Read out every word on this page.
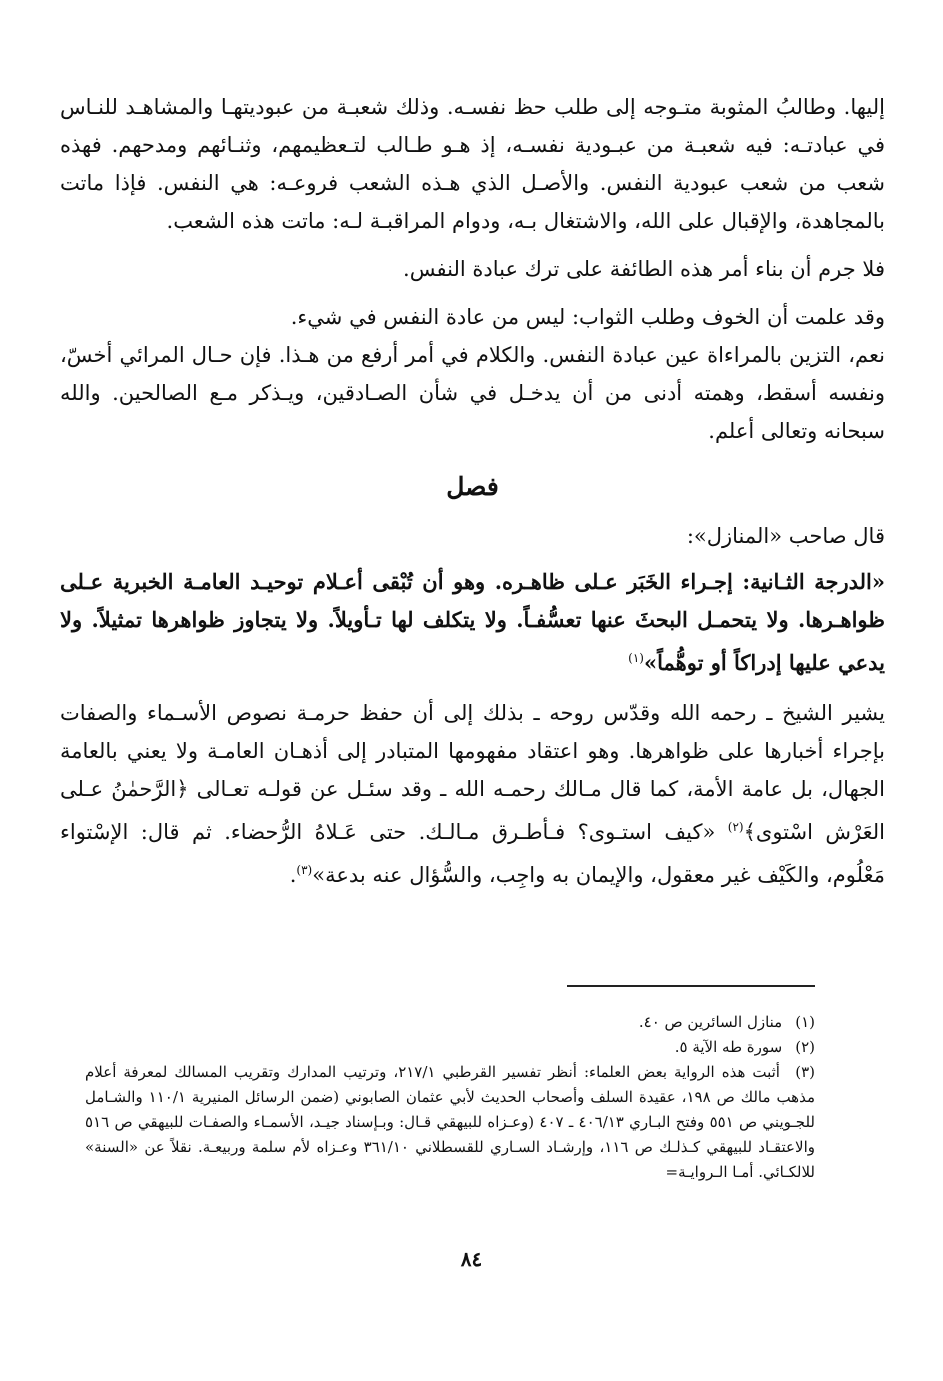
إليها. وطالبُ المثوبة متـوجه إلى طلب حظ نفسـه. وذلك شعبـة من عبوديتهـا والمشاهـد للنـاس في عبادتـه: فيه شعبـة من عبـودية نفسـه، إذ هـو طـالب لتـعظيمهم، وثنـائهم ومدحهم. فهذه شعب من شعب عبودية النفس. والأصـل الذي هـذه الشعب فروعـه: هي النفس. فإذا ماتت بالمجاهدة، والإقبال على الله، والاشتغال بـه، ودوام المراقبـة لـه: ماتت هذه الشعب.

فلا جرم أن بناء أمر هذه الطائفة على ترك عبادة النفس.

وقد علمت أن الخوف وطلب الثواب: ليس من عادة النفس في شيء.

نعم، التزين بالمراءاة عين عبادة النفس. والكلام في أمر أرفع من هـذا. فإن حـال المرائي أخسّ، ونفسه أسقط، وهمته أدنى من أن يدخـل في شأن الصـادقين، ويـذكر مـع الصالحين. والله سبحانه وتعالى أعلم.

فصل

قال صاحب «المنازل»:

«الدرجة الثـانية: إجـراء الخَبَر عـلى ظاهـره. وهو أن تُبْقى أعـلام توحيـد العامـة الخبرية عـلى ظواهـرها. ولا يتحمـل البحثَ عنها تعسُّفـاً. ولا يتكلف لها تـأويلاً. ولا يتجاوز ظواهرها تمثيلاً. ولا يدعي عليها إدراكاً أو توهُّماً»$^{(١)}$

يشير الشيخ ـ رحمه الله وقدّس روحه ـ بذلك إلى أن حفظ حرمـة نصوص الأسـماء والصفات بإجراء أخبارها على ظواهرها. وهو اعتقاد مفهومها المتبادر إلى أذهـان العامـة ولا يعني بالعامة الجهال، بل عامة الأمة، كما قال مـالك رحمـه الله ـ وقد سئـل عن قولـه تعـالى ﴿الرَّحمٰنُ عـلى العَرْش اسْتوى﴾$^{(٢)}$ «كيف استـوى؟ فـأطـرق مـالـك. حتى عَـلاهُ الرُّحضاء. ثم قال: الإسْتواء مَعْلُوم، والكَيْف غير معقول، والإيمان به واجِب، والسُّؤال عنه بدعة»$^{(٣)}$.

(١) منازل السائرين ص ٤٠.

(٢) سورة طه الآية ٥.

(٣) أثبت هذه الرواية بعض العلماء: أنظر تفسير القرطبي ٢١٧/١، وترتيب المدارك وتقريب المسالك لمعرفة أعلام مذهب مالك ص ١٩٨، عقيدة السلف وأصحاب الحديث لأبي عثمان الصابوني (ضمن الرسائل المنيرية ١١٠/١ والشـامل للجـويني ص ٥٥١ وفتح البـاري ٤٠٦/١٣ ـ ٤٠٧ (وعـزاه للبيهقي قـال: وبـإسناد جيـد، الأسمـاء والصفـات للبيهقي ص ٥١٦ والاعتقـاد للبيهقي كـذلـك ص ١١٦، وإرشـاد السـاري للقسطلاني ٣٦١/١٠ وعـزاه لأم سلمة وربيعـة. نقلاً عن «السنة» للالكـائي. أمـا الـروايـة=

٨٤
